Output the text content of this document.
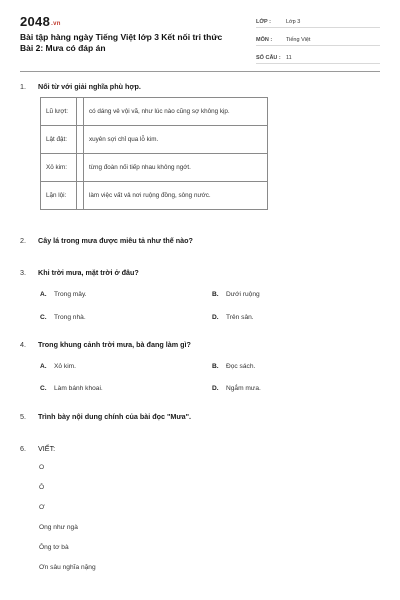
2048.vn
Bài tập hàng ngày Tiếng Việt lớp 3 Kết nối tri thức Bài 2: Mưa có đáp án
LỚP :	Lớp 3
MÔN :	Tiếng Việt
SỐ CÂU : 11
1.	Nối từ với giải nghĩa phù hợp.
Lũ lượt:		có dáng vẻ vội vã, như lúc nào cũng sợ không kịp.
Lật đật:		xuyên sợi chỉ qua lỗ kim.
Xỏ kim:		từng đoàn nối tiếp nhau không ngớt.
Lặn lội:		làm việc vất vả nơi ruộng đồng, sông nước.
2.	Cây lá trong mưa được miêu tả như thế nào?
3.	Khi trời mưa, mặt trời ở đâu?
A.	Trong mây.	B.	Dưới ruộng
C.	Trong nhà.	D.	Trên sân.
4.	Trong khung cảnh trời mưa, bà đang làm gì?
A.	Xỏ kim.	B.	Đọc sách.
C.	Làm bánh khoai.	D.	Ngắm mưa.
5.	Trình bày nội dung chính của bài đọc "Mưa".
6.	VIẾT:
O
Ô
Ơ
Ong như ngà
Ông tơ bà
Ơn sâu nghĩa nặng
